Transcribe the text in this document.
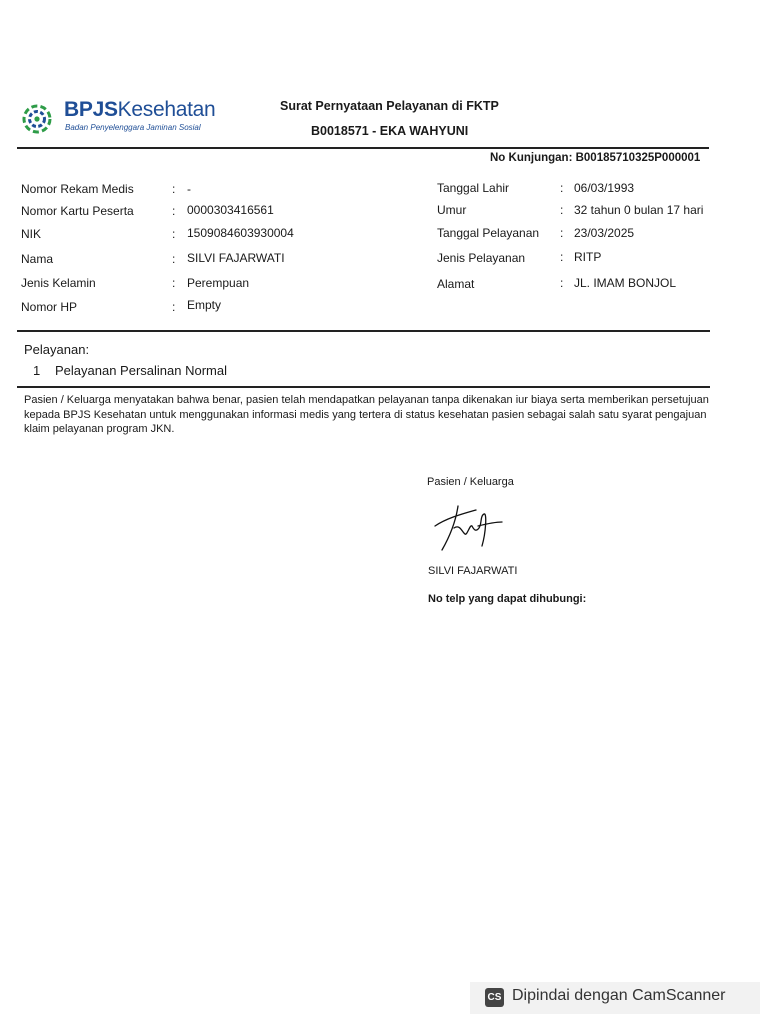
BPJSKesehatan
Badan Penyelenggara Jaminan Sosial
Surat Pernyataan Pelayanan di FKTP
B0018571 - EKA WAHYUNI
No Kunjungan: B00185710325P000001
Nomor Rekam Medis	: -
Nomor Kartu Peserta	: 0000303416561
NIK	: 1509084603930004
Nama	: SILVI FAJARWATI
Jenis Kelamin	: Perempuan
Nomor HP	: Empty
Tanggal Lahir	: 06/03/1993
Umur	: 32 tahun 0 bulan 17 hari
Tanggal Pelayanan : 23/03/2025
Jenis Pelayanan	: RITP
Alamat	: JL. IMAM BONJOL
Pelayanan:
1 Pelayanan Persalinan Normal
Pasien / Keluarga menyatakan bahwa benar, pasien telah mendapatkan pelayanan tanpa dikenakan iur biaya serta memberikan persetujuan kepada BPJS Kesehatan untuk menggunakan informasi medis yang tertera di status kesehatan pasien sebagai salah satu syarat pengajuan klaim pelayanan program JKN.
Pasien / Keluarga
SILVI FAJARWATI
No telp yang dapat dihubungi:
CS Dipindai dengan CamScanner
